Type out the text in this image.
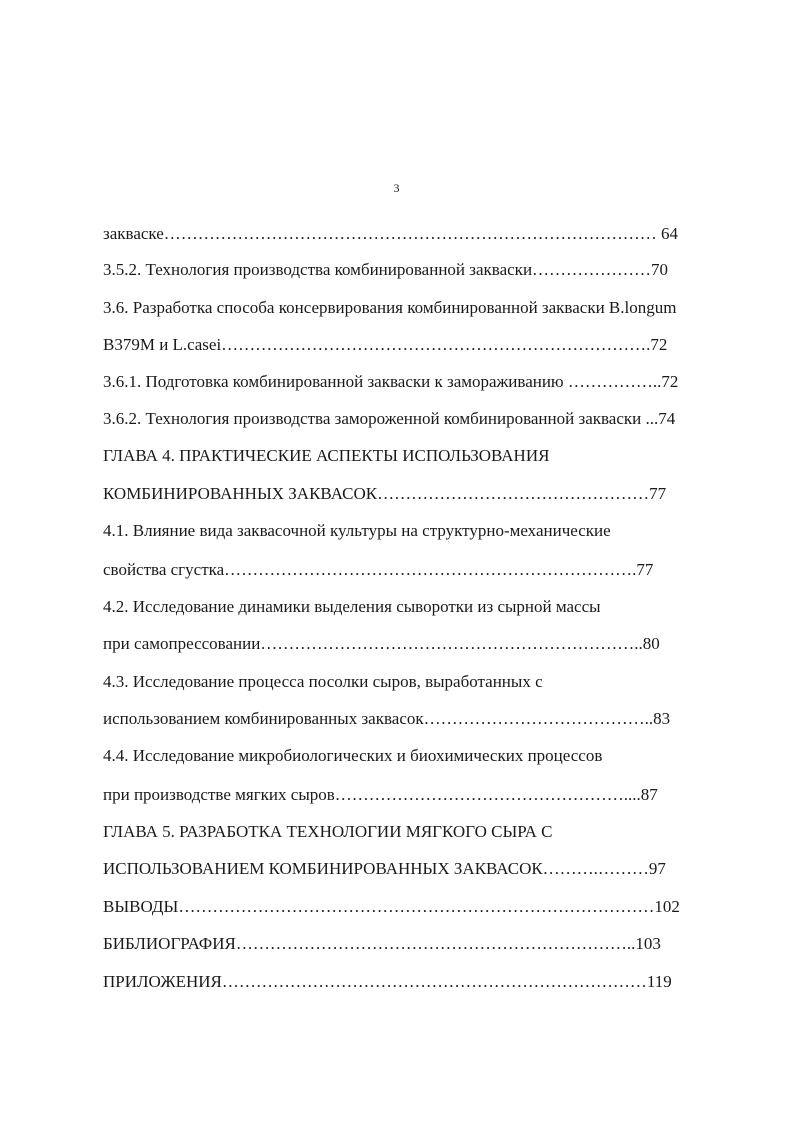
3
закваске…………………………………………………………………………… 64
3.5.2. Технология производства комбинированной закваски…………………70
3.6. Разработка способа консервирования комбинированной закваски B.longum
B379M и L.casei………………………………………………………………….72
3.6.1. Подготовка комбинированной закваски к замораживанию ……………..72
3.6.2. Технология производства замороженной комбинированной закваски ...74
ГЛАВА 4. ПРАКТИЧЕСКИЕ АСПЕКТЫ ИСПОЛЬЗОВАНИЯ
КОМБИНИРОВАННЫХ ЗАКВАСОК…………………………………………77
4.1. Влияние вида заквасочной культуры на структурно-механические
свойства сгустка……………………………………………………………….77
4.2. Исследование динамики выделения сыворотки из сырной массы
при самопрессовании…………………………………………………………..80
4.3. Исследование процесса посолки сыров, выработанных с
использованием комбинированных заквасок…………………………………..83
4.4. Исследование микробиологических и биохимических процессов
при производстве мягких сыров……………………………………………....87
ГЛАВА 5. РАЗРАБОТКА ТЕХНОЛОГИИ МЯГКОГО СЫРА С
ИСПОЛЬЗОВАНИЕМ КОМБИНИРОВАННЫХ ЗАКВАСОК……….………97
ВЫВОДЫ…………………………………………………………………………102
БИБЛИОГРАФИЯ……………………………………………………………..103
ПРИЛОЖЕНИЯ…………………………………………………………………119
